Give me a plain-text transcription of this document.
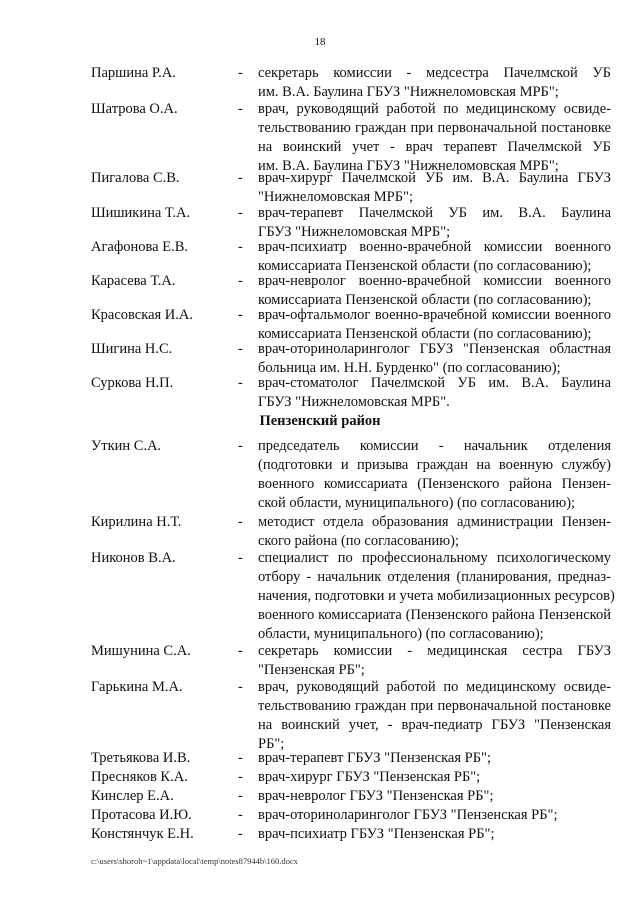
18
Пензенский район
Паршина Р.А.	- секретарь комиссии - медсестра Пачелмской УБ
им. В.А. Баулина ГБУЗ "Нижнеломовская МРБ";
Шатрова О.А.	- врач, руководящий работой по медицинскому освиде-
тельствованию граждан при первоначальной постановке
на воинский учет - врач терапевт Пачелмской УБ
им. В.А. Баулина ГБУЗ "Нижнеломовская МРБ";
Пигалова С.В.	- врач-хирург Пачелмской УБ им. В.А. Баулина ГБУЗ
"Нижнеломовская МРБ";
Шишикина Т.А.	- врач-терапевт Пачелмской УБ им. В.А. Баулина
ГБУЗ "Нижнеломовская МРБ";
Агафонова Е.В.	- врач-психиатр военно-врачебной комиссии военного
комиссариата Пензенской области (по согласованию);
Карасева Т.А.	- врач-невролог военно-врачебной комиссии военного
комиссариата Пензенской области (по согласованию);
Красовская И.А.	- врач-офтальмолог военно-врачебной комиссии военного
комиссариата Пензенской области (по согласованию);
Шигина Н.С.	- врач-оториноларинголог ГБУЗ "Пензенская областная
больница им. Н.Н. Бурденко" (по согласованию);
Суркова Н.П.	- врач-стоматолог Пачелмской УБ им. В.А. Баулина
ГБУЗ "Нижнеломовская МРБ".
Уткин С.А.	- председатель комиссии - начальник отделения
(подготовки и призыва граждан на военную службу)
военного комиссариата (Пензенского района Пензен-
ской области, муниципального) (по согласованию);
Кирилина Н.Т.	- методист отдела образования администрации Пензен-
ского района (по согласованию);
Никонов В.А.	- специалист по профессиональному психологическому
отбору - начальник отделения (планирования, предназ-
начения, подготовки и учета мобилизационных ресурсов)
военного комиссариата (Пензенского района Пензенской
области, муниципального) (по согласованию);
Мишунина С.А.	- секретарь комиссии - медицинская сестра ГБУЗ
"Пензенская РБ";
Гарькина М.А.	- врач, руководящий работой по медицинскому освиде-
тельствованию граждан при первоначальной постановке
на воинский учет, - врач-педиатр ГБУЗ "Пензенская
РБ";
Третьякова И.В.	- врач-терапевт ГБУЗ "Пензенская РБ";
Пресняков К.А.	- врач-хирург ГБУЗ "Пензенская РБ";
Кинслер Е.А.	- врач-невролог ГБУЗ "Пензенская РБ";
Протасова И.Ю.	- врач-оториноларинголог ГБУЗ "Пензенская РБ";
Констянчук Е.Н.	- врач-психиатр ГБУЗ "Пензенская РБ";
c:\users\shoroh~1\appdata\local\temp\notes87944b\160.docx
